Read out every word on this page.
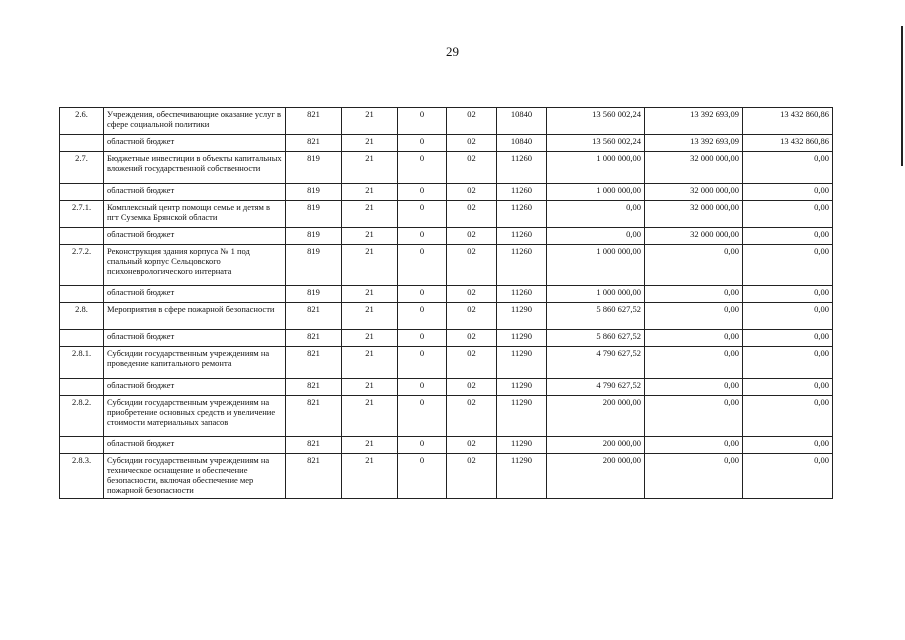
29
2.6.	Учреждения, обеспечивающие оказание услуг в сфере социальной политики	821	21	0	02	10840	13 560 002,24	13 392 693,09	13 432 860,86
	областной бюджет	821	21	0	02	10840	13 560 002,24	13 392 693,09	13 432 860,86
2.7.	Бюджетные инвестиции в объекты капитальных вложений государственной собственности	819	21	0	02	11260	1 000 000,00	32 000 000,00	0,00
	областной бюджет	819	21	0	02	11260	1 000 000,00	32 000 000,00	0,00
2.7.1.	Комплексный центр помощи семье и детям в пгт Суземка Брянской области	819	21	0	02	11260	0,00	32 000 000,00	0,00
	областной бюджет	819	21	0	02	11260	0,00	32 000 000,00	0,00
2.7.2.	Реконструкция здания корпуса № 1 под спальный корпус Сельцовского психоневрологического интерната	819	21	0	02	11260	1 000 000,00	0,00	0,00
	областной бюджет	819	21	0	02	11260	1 000 000,00	0,00	0,00
2.8.	Мероприятия в сфере пожарной безопасности	821	21	0	02	11290	5 860 627,52	0,00	0,00
	областной бюджет	821	21	0	02	11290	5 860 627,52	0,00	0,00
2.8.1.	Субсидии государственным учреждениям на проведение капитального ремонта	821	21	0	02	11290	4 790 627,52	0,00	0,00
	областной бюджет	821	21	0	02	11290	4 790 627,52	0,00	0,00
2.8.2.	Субсидии государственным учреждениям на приобретение основных средств и увеличение стоимости материальных запасов	821	21	0	02	11290	200 000,00	0,00	0,00
	областной бюджет	821	21	0	02	11290	200 000,00	0,00	0,00
2.8.3.	Субсидии государственным учреждениям на техническое оснащение и обеспечение безопасности, включая обеспечение мер пожарной безопасности	821	21	0	02	11290	200 000,00	0,00	0,00
